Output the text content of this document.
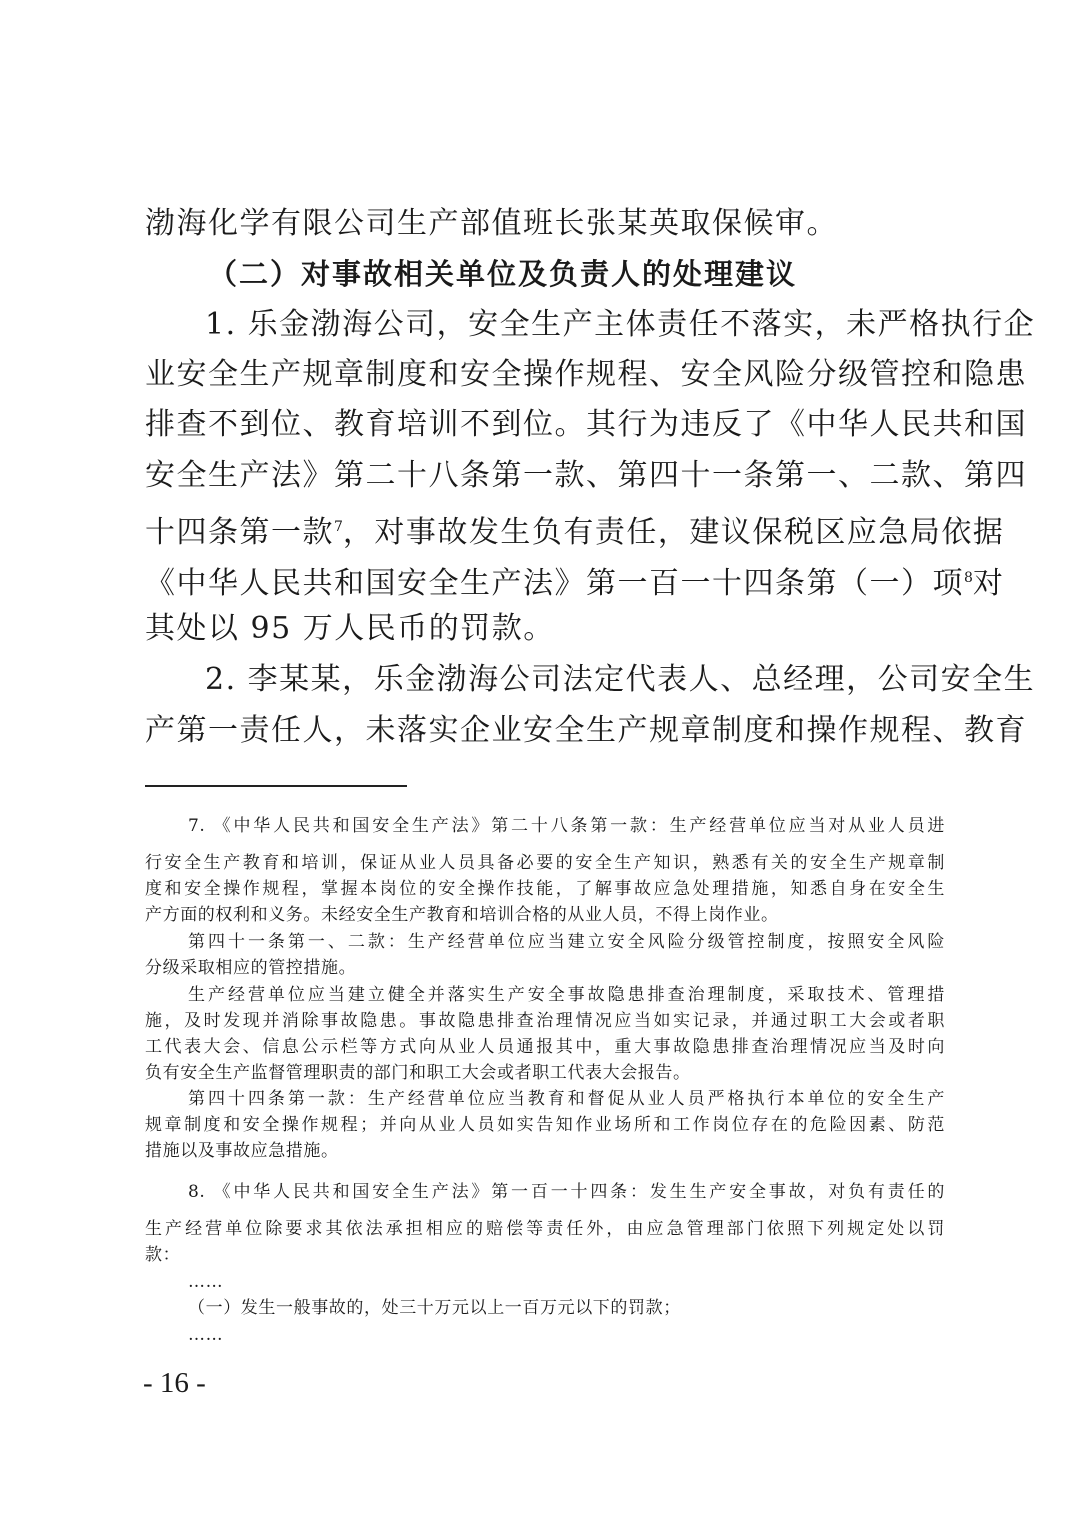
渤海化学有限公司生产部值班长张某英取保候审。
（二）对事故相关单位及负责人的处理建议
1. 乐金渤海公司，安全生产主体责任不落实，未严格执行企
业安全生产规章制度和安全操作规程、安全风险分级管控和隐患
排查不到位、教育培训不到位。其行为违反了《中华人民共和国
安全生产法》第二十八条第一款、第四十一条第一、二款、第四
十四条第一款$^7$，对事故发生负有责任，建议保税区应急局依据
《中华人民共和国安全生产法》第一百一十四条第（一）项$^8$对
其处以 95 万人民币的罚款。
2. 李某某，乐金渤海公司法定代表人、总经理，公司安全生
产第一责任人，未落实企业安全生产规章制度和操作规程、教育
7. 《中华人民共和国安全生产法》第二十八条第一款：生产经营单位应当对从业人员进
行安全生产教育和培训，保证从业人员具备必要的安全生产知识，熟悉有关的安全生产规章制
度和安全操作规程，掌握本岗位的安全操作技能，了解事故应急处理措施，知悉自身在安全生
产方面的权利和义务。未经安全生产教育和培训合格的从业人员，不得上岗作业。
第四十一条第一、二款：生产经营单位应当建立安全风险分级管控制度，按照安全风险
分级采取相应的管控措施。
生产经营单位应当建立健全并落实生产安全事故隐患排查治理制度，采取技术、管理措
施，及时发现并消除事故隐患。事故隐患排查治理情况应当如实记录，并通过职工大会或者职
工代表大会、信息公示栏等方式向从业人员通报其中，重大事故隐患排查治理情况应当及时向
负有安全生产监督管理职责的部门和职工大会或者职工代表大会报告。
第四十四条第一款：生产经营单位应当教育和督促从业人员严格执行本单位的安全生产
规章制度和安全操作规程；并向从业人员如实告知作业场所和工作岗位存在的危险因素、防范
措施以及事故应急措施。
8. 《中华人民共和国安全生产法》第一百一十四条：发生生产安全事故，对负有责任的
生产经营单位除要求其依法承担相应的赔偿等责任外，由应急管理部门依照下列规定处以罚
款：
……
（一）发生一般事故的，处三十万元以上一百万元以下的罚款；
……
- 16 -
